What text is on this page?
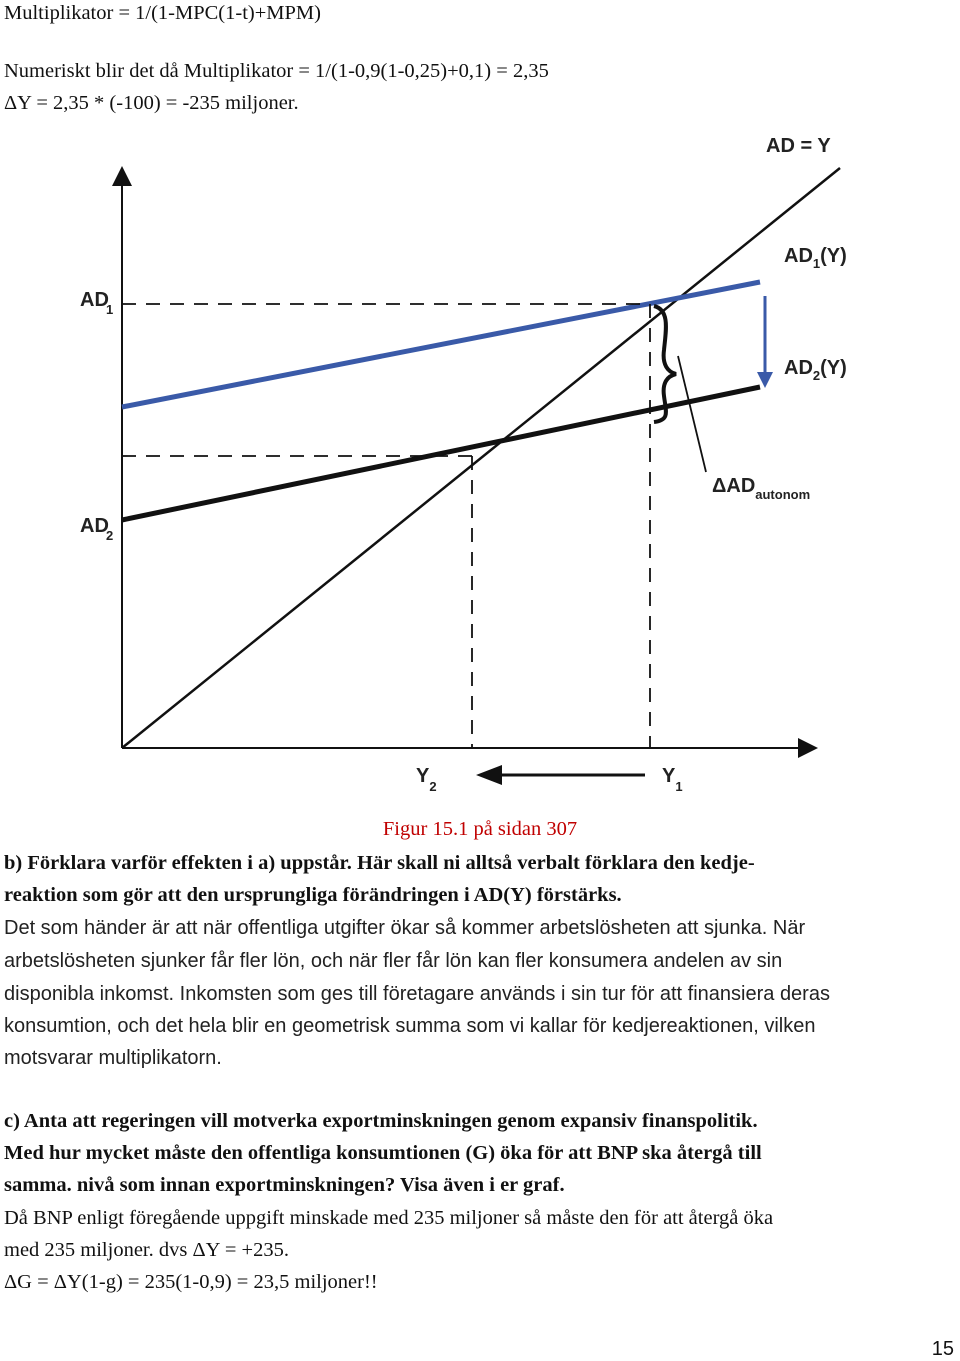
Multiplikator = 1/(1-MPC(1-t)+MPM)
Numeriskt blir det då Multiplikator = 1/(1-0,9(1-0,25)+0,1) = 2,35
ΔY = 2,35 * (-100) = -235 miljoner.
AD = Y
$AD_1(Y)$
$AD_2(Y)$
AD1
AD2
$\Delta AD_{autonom}$
$Y_2$	$Y_1$
Figur 15.1 på sidan 307
b) Förklara varför effekten i a) uppstår. Här skall ni alltså verbalt förklara den kedje-
reaktion som gör att den ursprungliga förändringen i AD(Y) förstärks.
Det som händer är att när offentliga utgifter ökar så kommer arbetslösheten att sjunka. När
arbetslösheten sjunker får fler lön, och när fler får lön kan fler konsumera andelen av sin
disponibla inkomst. Inkomsten som ges till företagare används i sin tur för att finansiera deras
konsumtion, och det hela blir en geometrisk summa som vi kallar för kedjereaktionen, vilken
motsvarar multiplikatorn.
c) Anta att regeringen vill motverka exportminskningen genom expansiv finanspolitik.
Med hur mycket måste den offentliga konsumtionen (G) öka för att BNP ska återgå till
samma. nivå som innan exportminskningen? Visa även i er graf.
Då BNP enligt föregående uppgift minskade med 235 miljoner så måste den för att återgå öka
med 235 miljoner. dvs ΔY = +235.
ΔG = ΔY(1-g) = 235(1-0,9) = 23,5 miljoner!!
15
